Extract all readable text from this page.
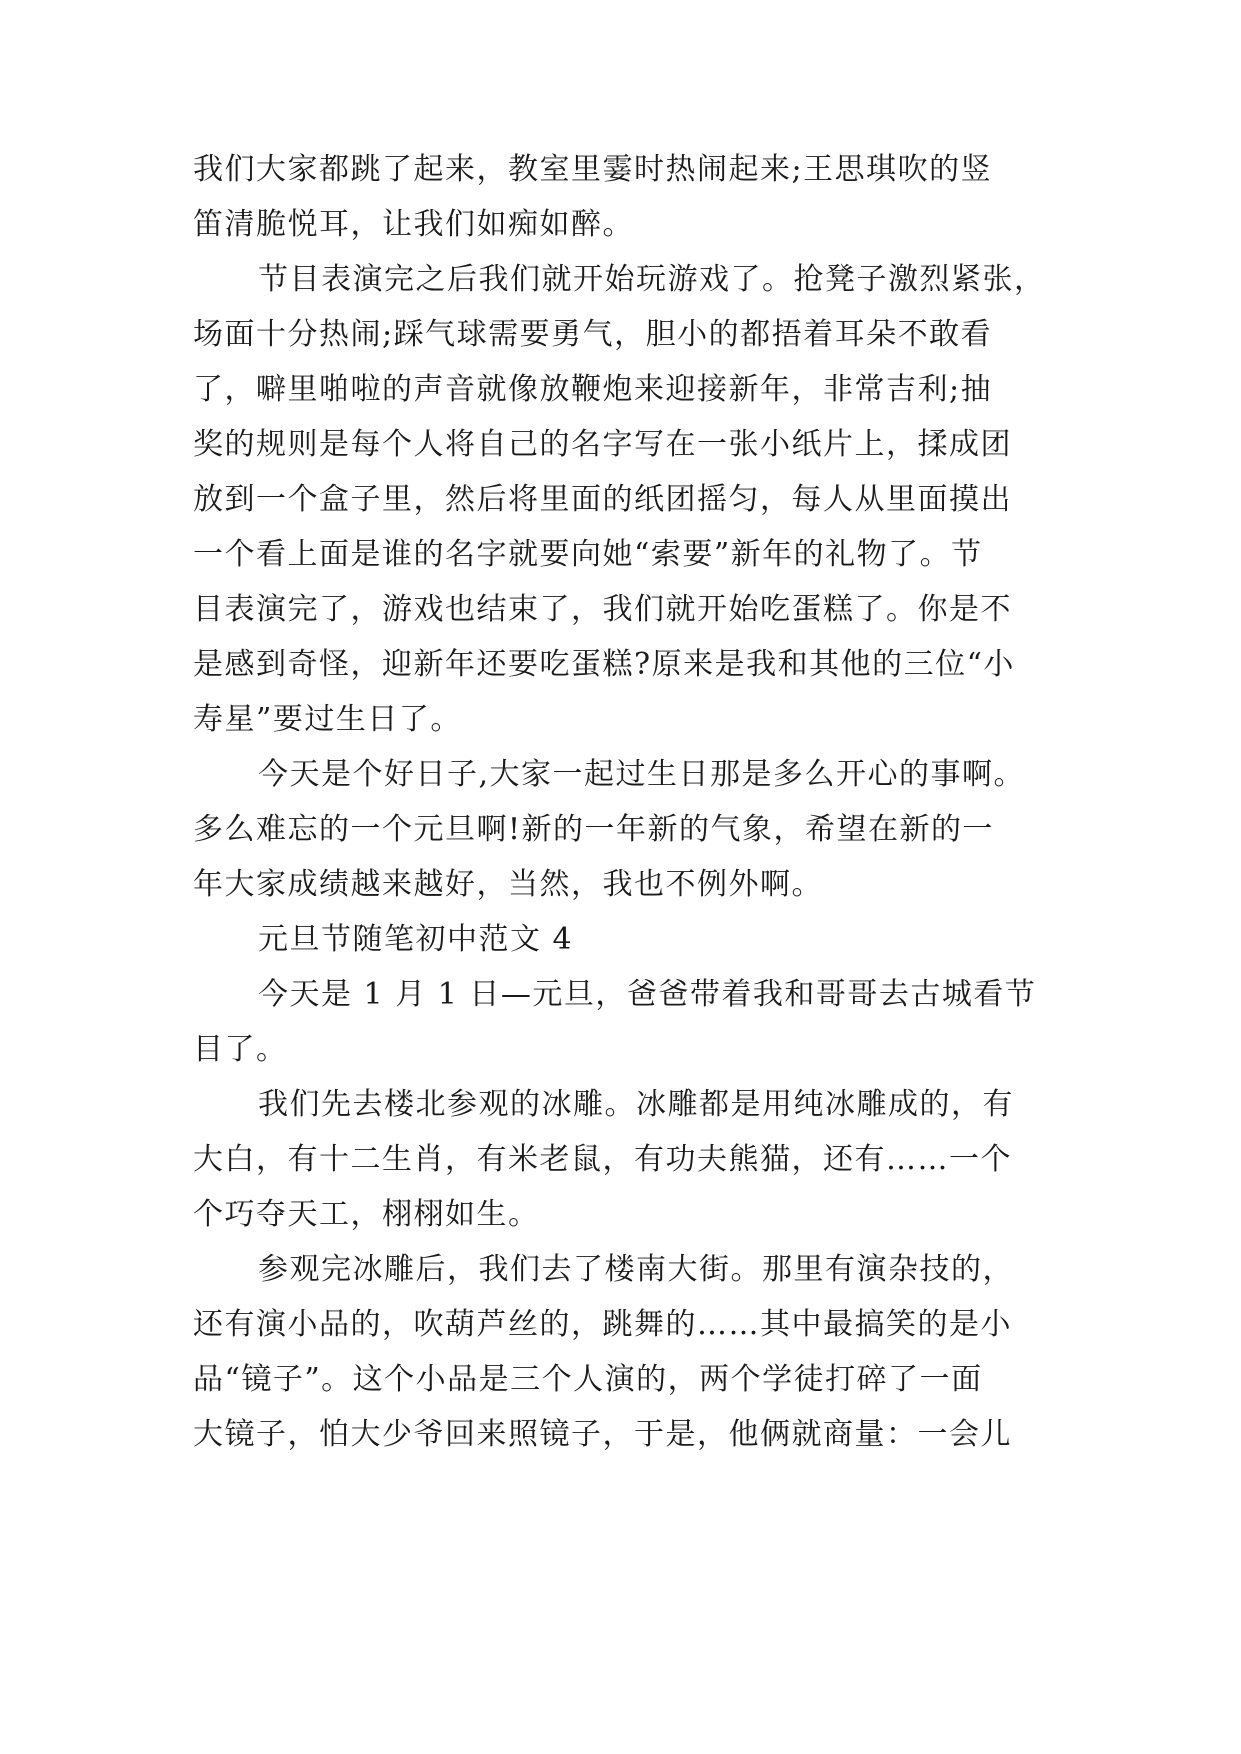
我们大家都跳了起来，教室里霎时热闹起来;王思琪吹的竖
笛清脆悦耳，让我们如痴如醉。
节目表演完之后我们就开始玩游戏了。抢凳子激烈紧张，
场面十分热闹;踩气球需要勇气，胆小的都捂着耳朵不敢看
了，噼里啪啦的声音就像放鞭炮来迎接新年，非常吉利;抽
奖的规则是每个人将自己的名字写在一张小纸片上，揉成团
放到一个盒子里，然后将里面的纸团摇匀，每人从里面摸出
一个看上面是谁的名字就要向她“索要”新年的礼物了。节
目表演完了，游戏也结束了，我们就开始吃蛋糕了。你是不
是感到奇怪，迎新年还要吃蛋糕?原来是我和其他的三位“小
寿星”要过生日了。
今天是个好日子,大家一起过生日那是多么开心的事啊。
多么难忘的一个元旦啊!新的一年新的气象，希望在新的一
年大家成绩越来越好，当然，我也不例外啊。
元旦节随笔初中范文 4
今天是 1 月 1 日—元旦，爸爸带着我和哥哥去古城看节
目了。
我们先去楼北参观的冰雕。冰雕都是用纯冰雕成的，有
大白，有十二生肖，有米老鼠，有功夫熊猫，还有……一个
个巧夺天工，栩栩如生。
参观完冰雕后，我们去了楼南大街。那里有演杂技的，
还有演小品的，吹葫芦丝的，跳舞的……其中最搞笑的是小
品“镜子”。这个小品是三个人演的，两个学徒打碎了一面
大镜子，怕大少爷回来照镜子，于是，他俩就商量：一会儿
